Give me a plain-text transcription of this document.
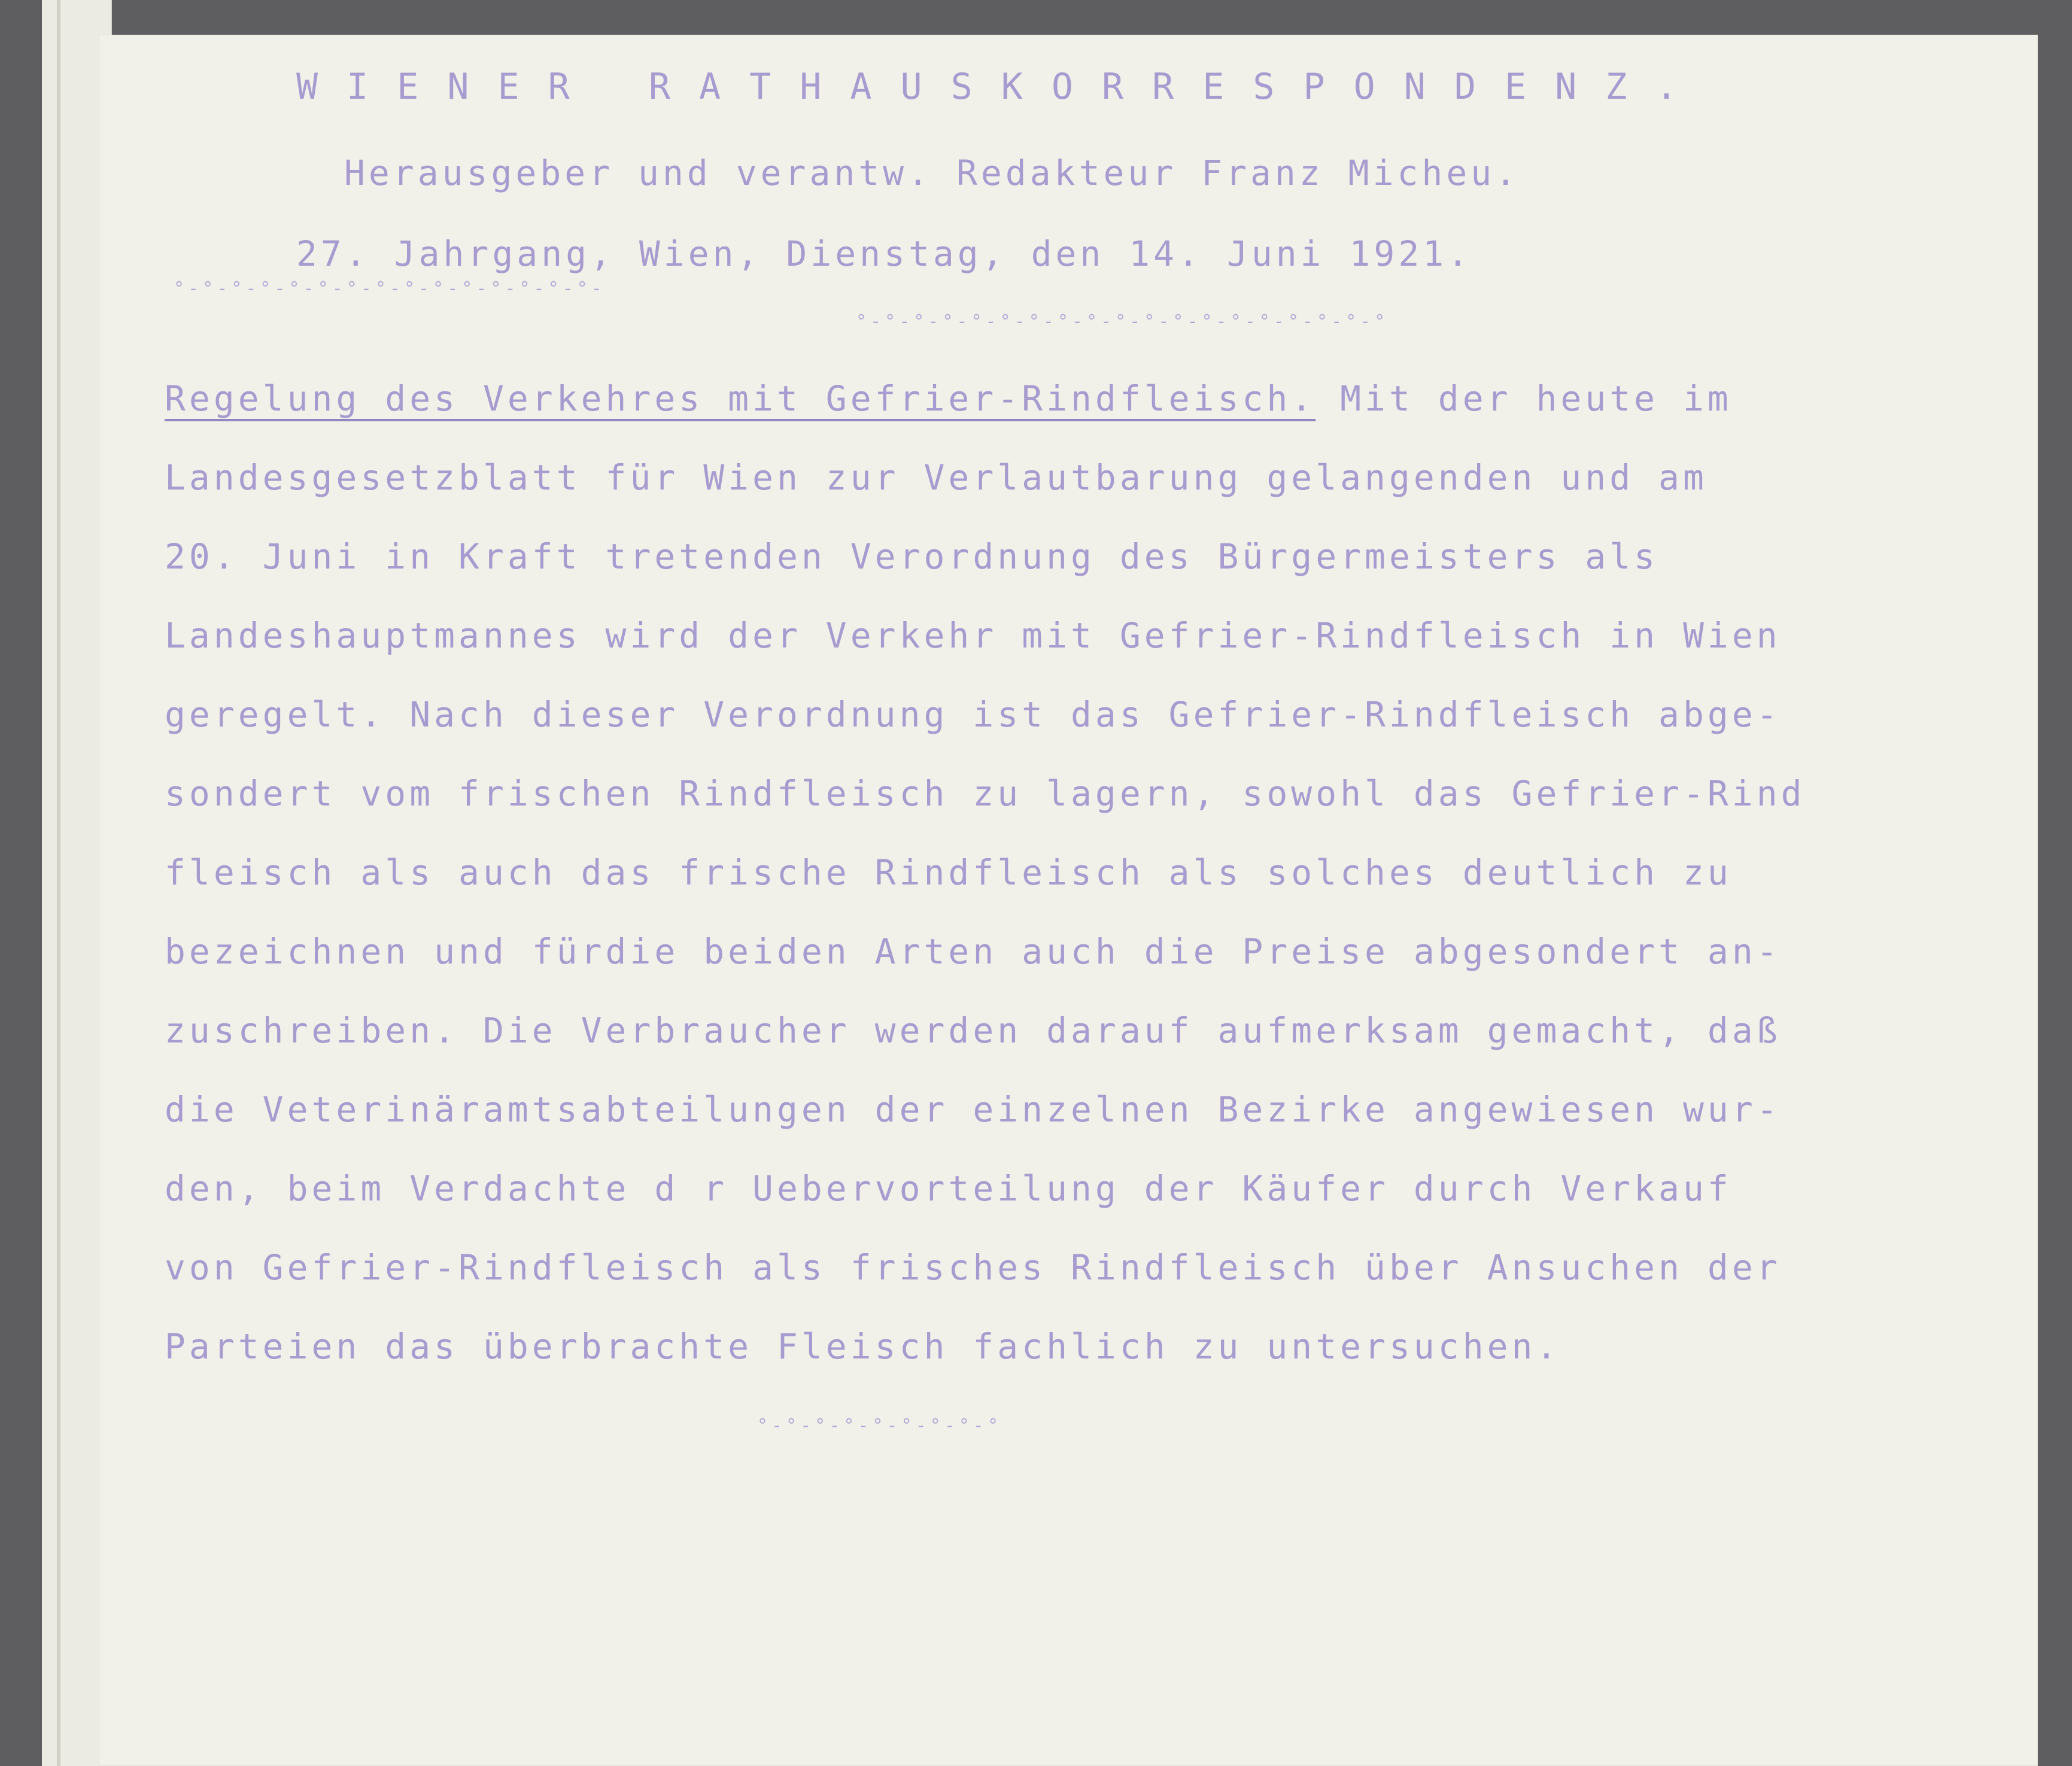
WIENER RATHAUSKORRESPONDENZ.
Herausgeber und verantw. Redakteur Franz Micheu.
27. Jahrgang, Wien, Dienstag, den 14. Juni 1921.
°-°-°-°-°-°-°-°-°-°-°-°-°-°-°-
°-°-°-°-°-°-°-°-°-°-°-°-°-°-°-°-°-°-°
Regelung des Verkehres mit Gefrier-Rindfleisch. Mit der heute im
Landesgesetzblatt für Wien zur Verlautbarung gelangenden und am
20. Juni in Kraft tretenden Verordnung des Bürgermeisters als
Landeshauptmannes wird der Verkehr mit Gefrier-Rindfleisch in Wien
geregelt. Nach dieser Verordnung ist das Gefrier-Rindfleisch abge-
sondert vom frischen Rindfleisch zu lagern, sowohl das Gefrier-Rind
fleisch als auch das frische Rindfleisch als solches deutlich zu
bezeichnen und fürdie beiden Arten auch die Preise abgesondert an-
zuschreiben. Die Verbraucher werden darauf aufmerksam gemacht, daß
die Veterinäramtsabteilungen der einzelnen Bezirke angewiesen wur-
den, beim Verdachte d r Uebervorteilung der Käufer durch Verkauf
von Gefrier-Rindfleisch als frisches Rindfleisch über Ansuchen der
Parteien das überbrachte Fleisch fachlich zu untersuchen.
°-°-°-°-°-°-°-°-°
